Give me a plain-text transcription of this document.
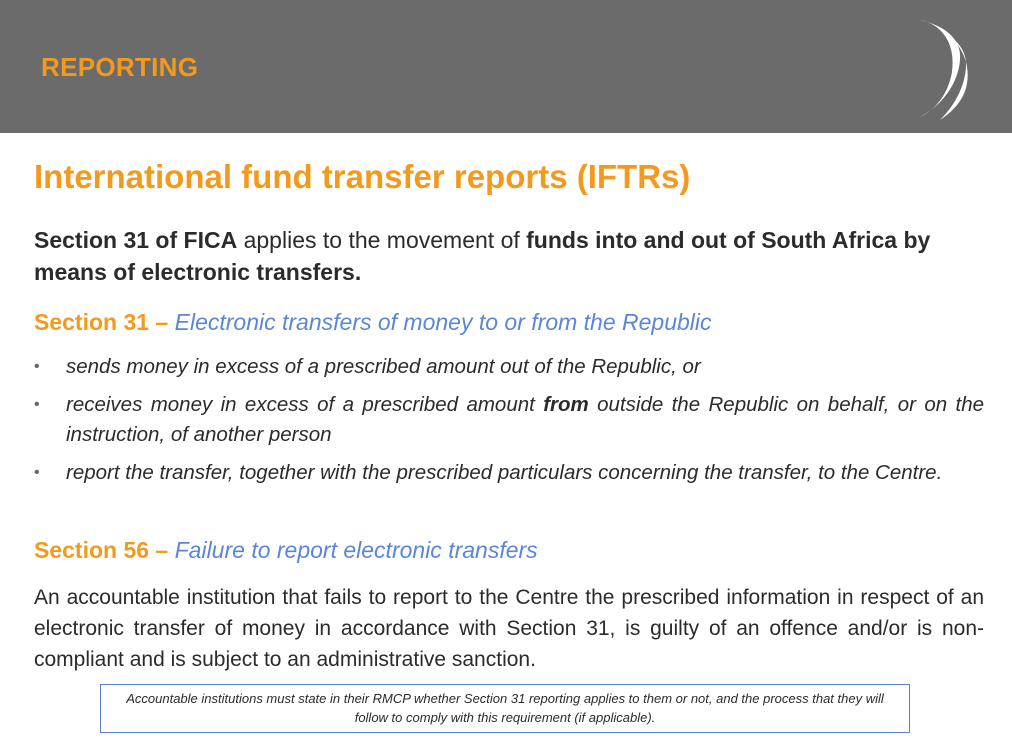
REPORTING
International fund transfer reports (IFTRs)
Section 31 of FICA applies to the movement of funds into and out of South Africa by means of electronic transfers.
Section 31 – Electronic transfers of money to or from the Republic
• sends money in excess of a prescribed amount out of the Republic, or
• receives money in excess of a prescribed amount from outside the Republic on behalf, or on the instruction, of another person
• report the transfer, together with the prescribed particulars concerning the transfer, to the Centre.
Section 56 – Failure to report electronic transfers
An accountable institution that fails to report to the Centre the prescribed information in respect of an electronic transfer of money in accordance with Section 31, is guilty of an offence and/or is non-compliant and is subject to an administrative sanction.
Accountable institutions must state in their RMCP whether Section 31 reporting applies to them or not, and the process that they will follow to comply with this requirement (if applicable).
